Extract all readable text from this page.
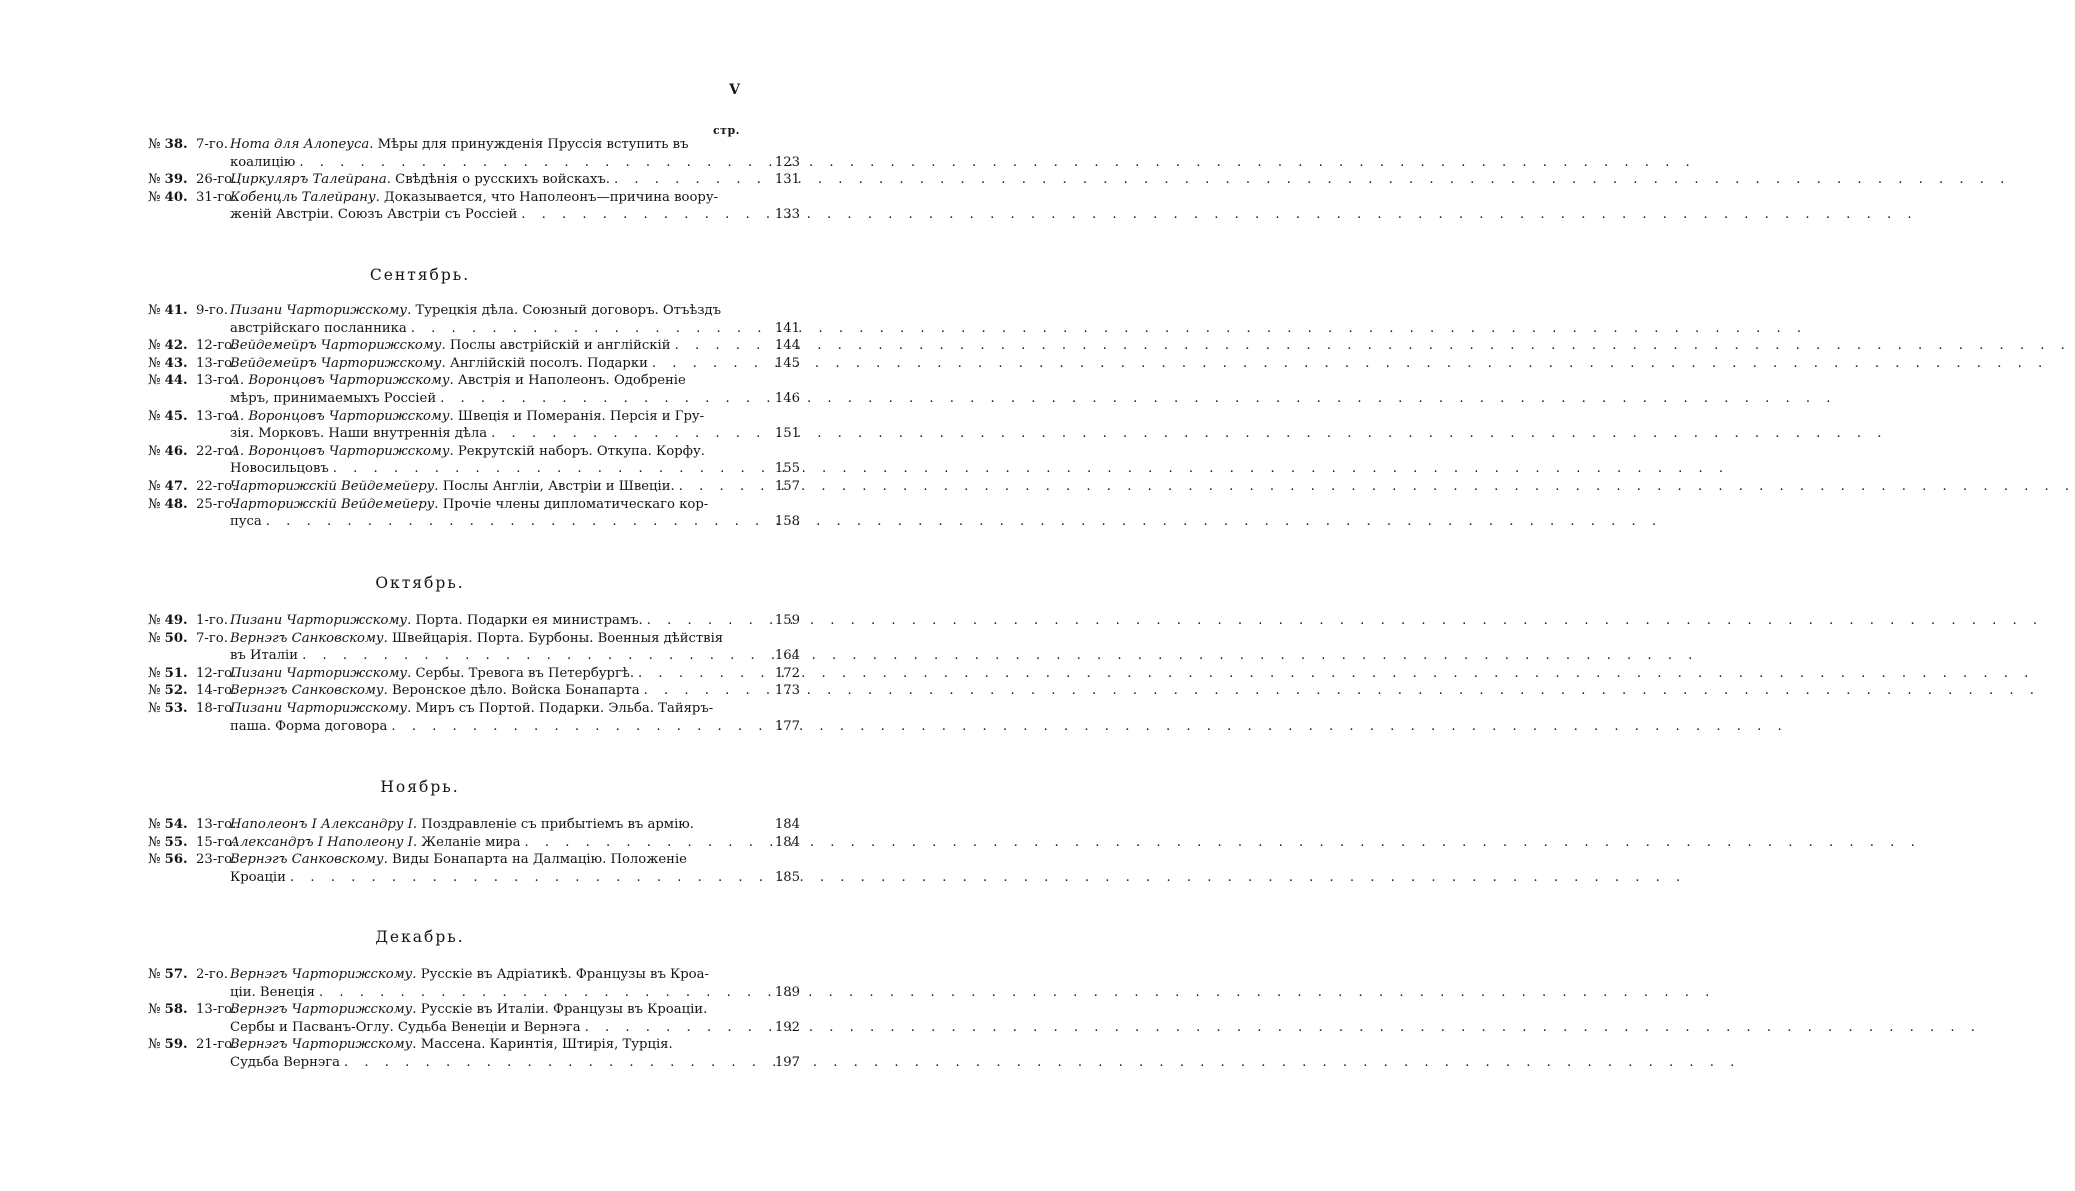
V
стр.
№ 38. 7-го. Нота для Алопеуса. Мѣры для принужденія Пруссія вступить въ
коалицію . . .	123
№ 39. 26-го.
Циркуляръ Талейрана. Свѣдѣнія о русскихъ войскахъ. . . .	131
№ 40. 31-го.
Кобенцль Талейрану. Доказывается, что Наполеонъ—причина воору-
женій Австріи. Союзъ Австріи съ Россіей . . .	133
Сентябрь.
№ 41. 9-го. Пизани Чарторижскому. Турецкія дѣла. Союзный договоръ. Отъѣздъ
австрійскаго посланника . . .	141
№ 42. 12-го.
Вейдемейръ Чарторижскому. Послы австрійскій и англійскій . . .	144
№ 43. 13-го.
Вейдемейръ Чарторижскому. Англійскій посолъ. Подарки . . .	145
№ 44. 13-го.
А. Воронцовъ Чарторижскому. Австрія и Наполеонъ. Одобреніе
мѣръ, принимаемыхъ Россіей . . .	146
№ 45. 13-го.
А. Воронцовъ Чарторижскому. Швеція и Померанія. Персія и Гру-
зія. Морковъ. Наши внутреннія дѣла . . .	151
№ 46. 22-го.
А. Воронцовъ Чарторижскому. Рекрутскій наборъ. Откупа. Корфу.
Новосильцовъ . . .	155
№ 47. 22-го.
Чарторижскій Вейдемейеру. Послы Англіи, Австріи и Швеціи. . . .	157
№ 48. 25-го.
Чарторижскій Вейдемейеру. Прочіе члены дипломатическаго кор-
пуса . . .	158
Октябрь.
№ 49. 1-го. Пизани Чарторижскому. Порта. Подарки ея министрамъ. . . .	159
№ 50. 7-го. Вернэгъ Санковскому. Швейцарія. Порта. Бурбоны. Военныя дѣйствія
въ Италіи . . .	164
№ 51. 12-го.
Пизани Чарторижскому. Сербы. Тревога въ Петербургѣ. . . .	172
№ 52. 14-го.
Вернэгъ Санковскому. Веронское дѣло. Войска Бонапарта . . .	173
№ 53. 18-го
Пизани Чарторижскому. Миръ съ Портой. Подарки. Эльба. Тайяръ-
паша. Форма договора . . .	177
Ноябрь.
№ 54. 13-го.
Наполеонъ I Александру I. Поздравленіе съ прибытіемъ въ армію.	184
№ 55. 15-го.
Александръ I Наполеону I. Желаніе мира . . .	184
№ 56. 23-го.
Вернэгъ Санковскому. Виды Бонапарта на Далмацію. Положеніе
Кроаціи . . .	185
Декабрь.
№ 57. 2-го. Вернэгъ Чарторижскому. Русскіе въ Адріатикѣ. Французы въ Кроа-
ціи. Венеція . . .	189
№ 58. 13-го.
Вернэгъ Чарторижскому. Русскіе въ Италіи. Французы въ Кроаціи.
Сербы и Пасванъ-Оглу. Судьба Венеціи и Вернэга . . .	192
№ 59. 21-го.
Вернэгъ Чарторижскому. Массена. Каринтія, Штирія, Турція.
Судьба Вернэга . . .	197
